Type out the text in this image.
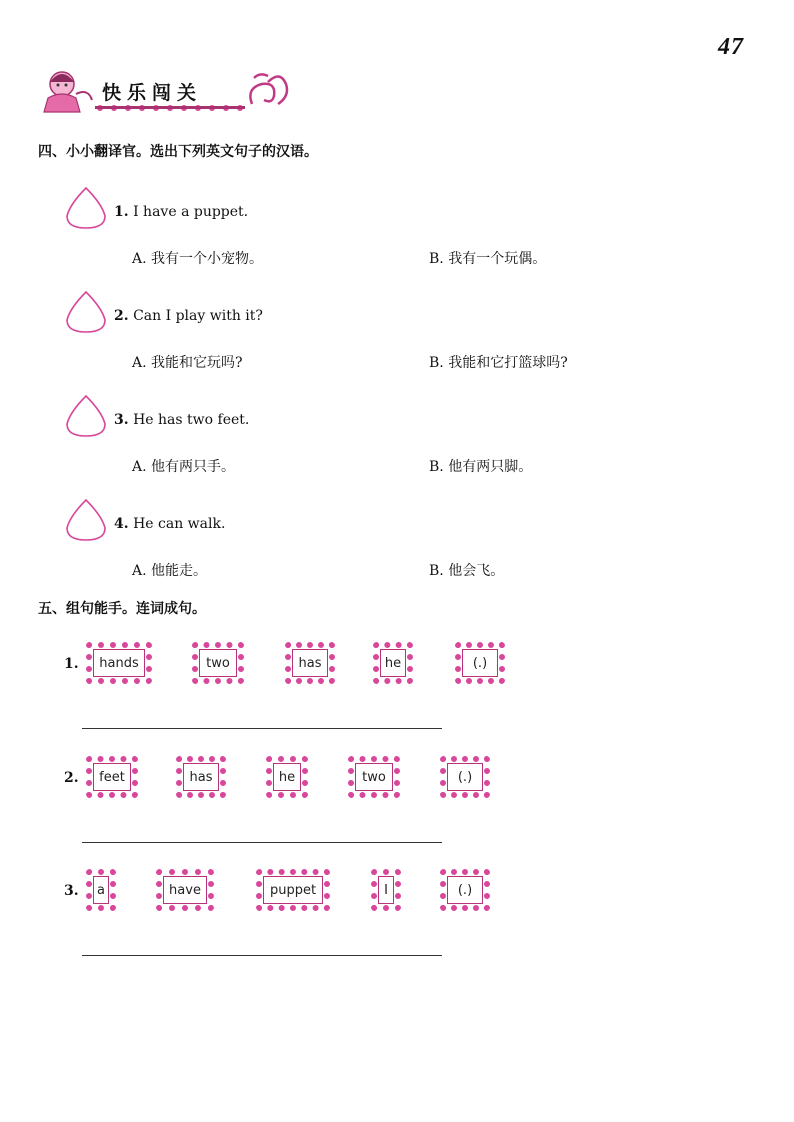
47
快乐闯关
四、小小翻译官。选出下列英文句子的汉语。
1. I have a puppet.
A. 我有一个小宠物。	B. 我有一个玩偶。
2. Can I play with it?
A. 我能和它玩吗?	B. 我能和它打篮球吗?
3. He has two feet.
A. 他有两只手。	B. 他有两只脚。
4. He can walk.
A. 他能走。	B. 他会飞。
五、组句能手。连词成句。
1.	hands	two	has	he	(.)
2.	feet	has	he	two	(.)
3.	a	have	puppet	I	(.)
